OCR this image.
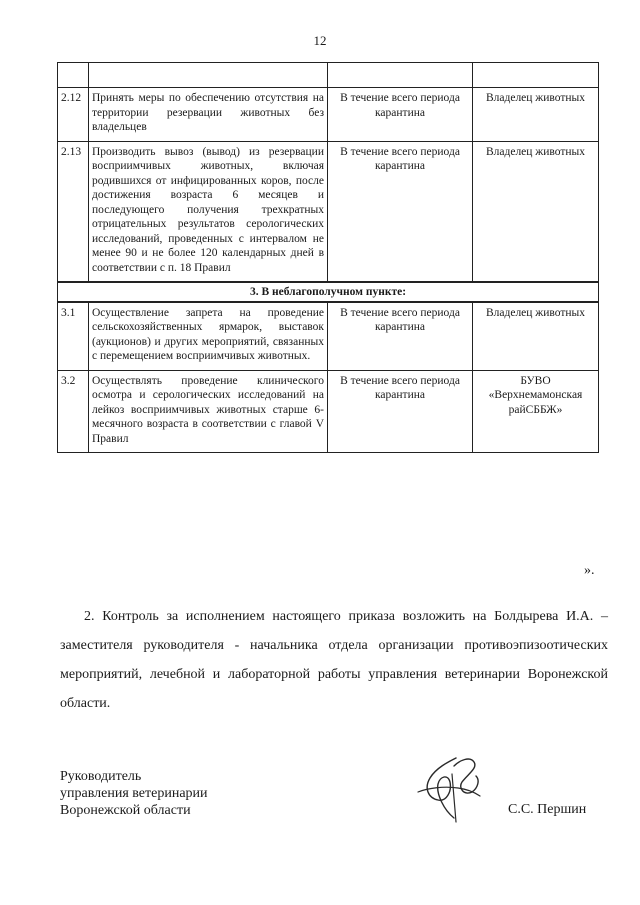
12

2.12	Принять меры по обеспечению отсутствия на территории резервации животных без владельцев	В течение всего периода карантина	Владелец животных
2.13	Производить вывоз (вывод) из резервации восприимчивых животных, включая родившихся от инфицированных коров, после достижения возраста 6 месяцев и последующего получения трехкратных отрицательных результатов серологических исследований, проведенных с интервалом не менее 90 и не более 120 календарных дней в соответствии с п. 18 Правил	В течение всего периода карантина	Владелец животных
3. В неблагополучном пункте:			
3.1	Осуществление запрета на проведение сельскохозяйственных ярмарок, выставок (аукционов) и других мероприятий, связанных с перемещением восприимчивых животных.	В течение всего периода карантина	Владелец животных
3.2	Осуществлять проведение клинического осмотра и серологических исследований на лейкоз восприимчивых животных старше 6-месячного возраста в соответствии с главой V Правил	В течение всего периода карантина	БУВО «Верхнемамонская райСББЖ»
».
2. Контроль за исполнением настоящего приказа возложить на Болдырева И.А. – заместителя руководителя - начальника отдела организации противоэпизоотических мероприятий, лечебной и лабораторной работы управления ветеринарии Воронежской области.
Руководитель
управления ветеринарии
Воронежской области	С.С. Першин
